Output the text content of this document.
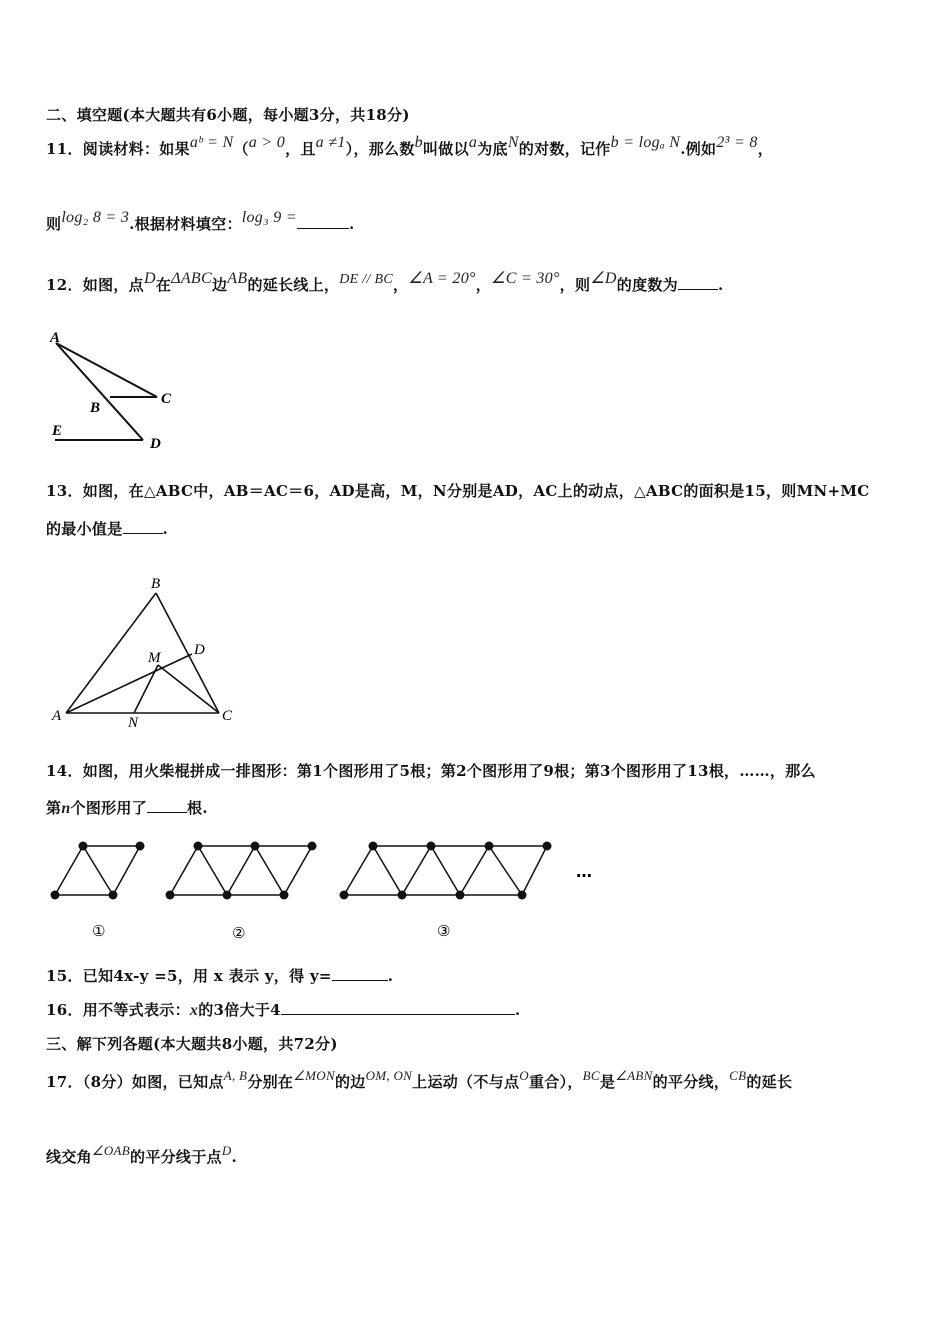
二、填空题(本大题共有6小题，每小题3分，共18分)
11．阅读材料：如果aᵇ = N（a > 0，且a ≠1），那么数b叫做以a为底N的对数，记作b = logₐ N.例如2³ = 8，
则log₂ 8 = 3.根据材料填空：log₃ 9 =	.
12．如图，点D在ΔABC边AB的延长线上，DE // BC，∠A = 20°，∠C = 30°，则∠D的度数为	.
A
B
C
D
E
13．如图，在△ABC中，AB＝AC＝6，AD是高，M，N分别是AD，AC上的动点，△ABC的面积是15，则MN+MC
的最小值是	.
B
D
M
A	N	C
14．如图，用火柴棍拼成一排图形：第1个图形用了5根；第2个图形用了9根；第3个图形用了13根，……，那么
第n个图形用了	根.
…
①	②	③
15．已知4x-y =5，用 x 表示 y，得 y=	.
16．用不等式表示：x的3倍大于4	.
三、解下列各题(本大题共8小题，共72分)
17．（8分）如图，已知点A, B分别在∠MON的边OM, ON上运动（不与点O重合），BC是∠ABN的平分线，CB的延长
线交角∠OAB的平分线于点D.
